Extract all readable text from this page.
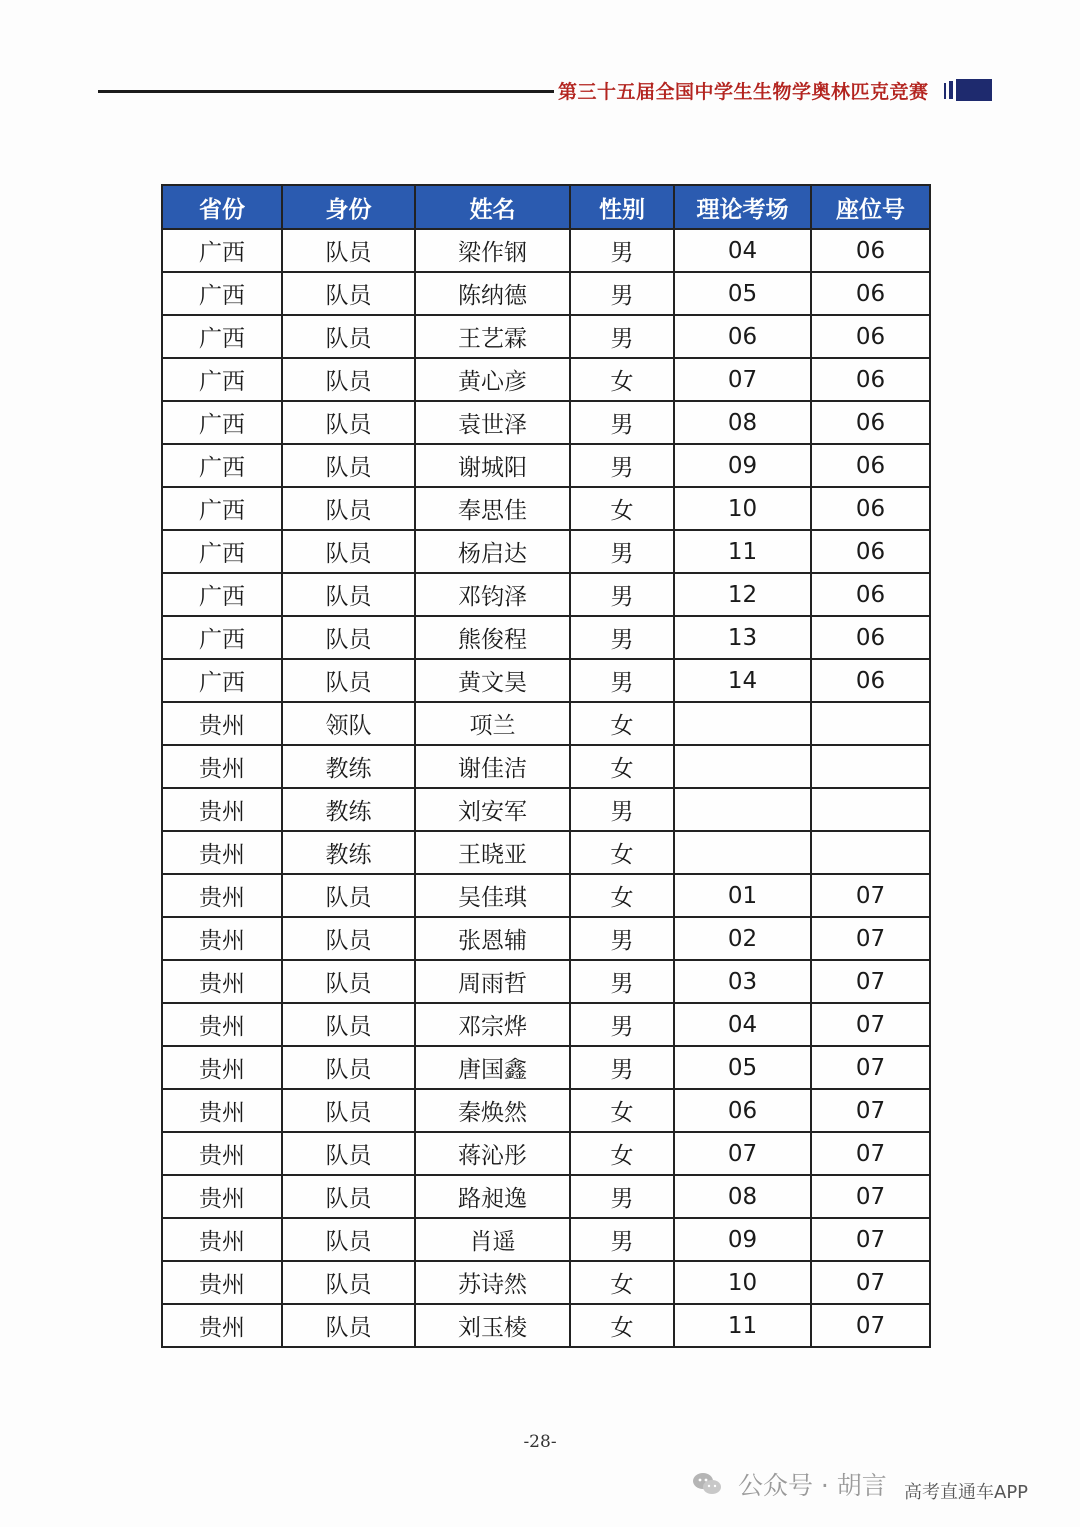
第三十五届全国中学生生物学奥林匹克竞赛
省份	身份	姓名	性别	理论考场	座位号
广西	队员	梁作钢	男	04	06
广西	队员	陈纳德	男	05	06
广西	队员	王艺霖	男	06	06
广西	队员	黄心彦	女	07	06
广西	队员	袁世泽	男	08	06
广西	队员	谢城阳	男	09	06
广西	队员	奉思佳	女	10	06
广西	队员	杨启达	男	11	06
广西	队员	邓钧泽	男	12	06
广西	队员	熊俊程	男	13	06
广西	队员	黄文昊	男	14	06
贵州	领队	项兰	女		
贵州	教练	谢佳洁	女		
贵州	教练	刘安军	男		
贵州	教练	王晓亚	女		
贵州	队员	吴佳琪	女	01	07
贵州	队员	张恩辅	男	02	07
贵州	队员	周雨哲	男	03	07
贵州	队员	邓宗烨	男	04	07
贵州	队员	唐国鑫	男	05	07
贵州	队员	秦焕然	女	06	07
贵州	队员	蒋沁彤	女	07	07
贵州	队员	路昶逸	男	08	07
贵州	队员	肖遥	男	09	07
贵州	队员	苏诗然	女	10	07
贵州	队员	刘玉棱	女	11	07
-28-
公众号 · 胡言 高考直通车APP
